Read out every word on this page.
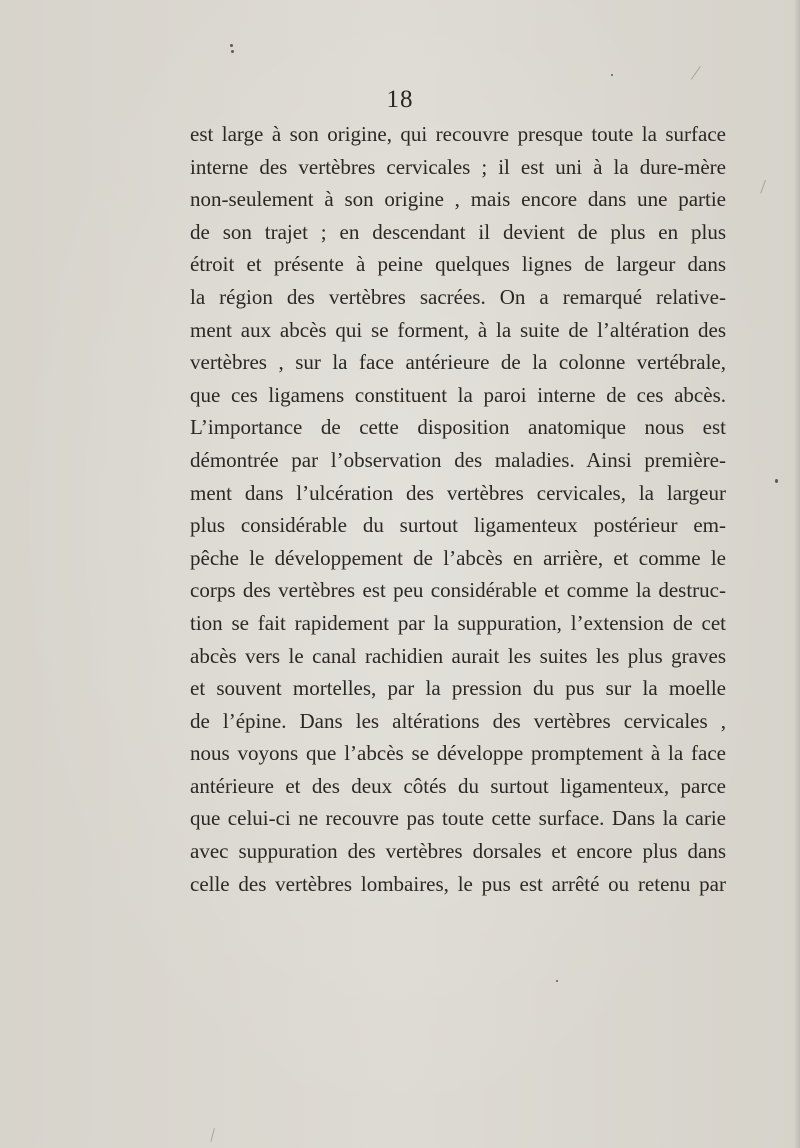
18
est large à son origine, qui recouvre presque toute la surface
interne des vertèbres cervicales ; il est uni à la dure-mère
non-seulement à son origine , mais encore dans une partie
de son trajet ; en descendant il devient de plus en plus
étroit et présente à peine quelques lignes de largeur dans
la région des vertèbres sacrées. On a remarqué relative-
ment aux abcès qui se forment, à la suite de l’altération des
vertèbres , sur la face antérieure de la colonne vertébrale,
que ces ligamens constituent la paroi interne de ces abcès.
L’importance de cette disposition anatomique nous est
démontrée par l’observation des maladies. Ainsi première-
ment dans l’ulcération des vertèbres cervicales, la largeur
plus considérable du surtout ligamenteux postérieur em-
pêche le développement de l’abcès en arrière, et comme le
corps des vertèbres est peu considérable et comme la destruc-
tion se fait rapidement par la suppuration, l’extension de cet
abcès vers le canal rachidien aurait les suites les plus graves
et souvent mortelles, par la pression du pus sur la moelle
de l’épine. Dans les altérations des vertèbres cervicales ,
nous voyons que l’abcès se développe promptement à la face
antérieure et des deux côtés du surtout ligamenteux, parce
que celui-ci ne recouvre pas toute cette surface. Dans la carie
avec suppuration des vertèbres dorsales et encore plus dans
celle des vertèbres lombaires, le pus est arrêté ou retenu par
